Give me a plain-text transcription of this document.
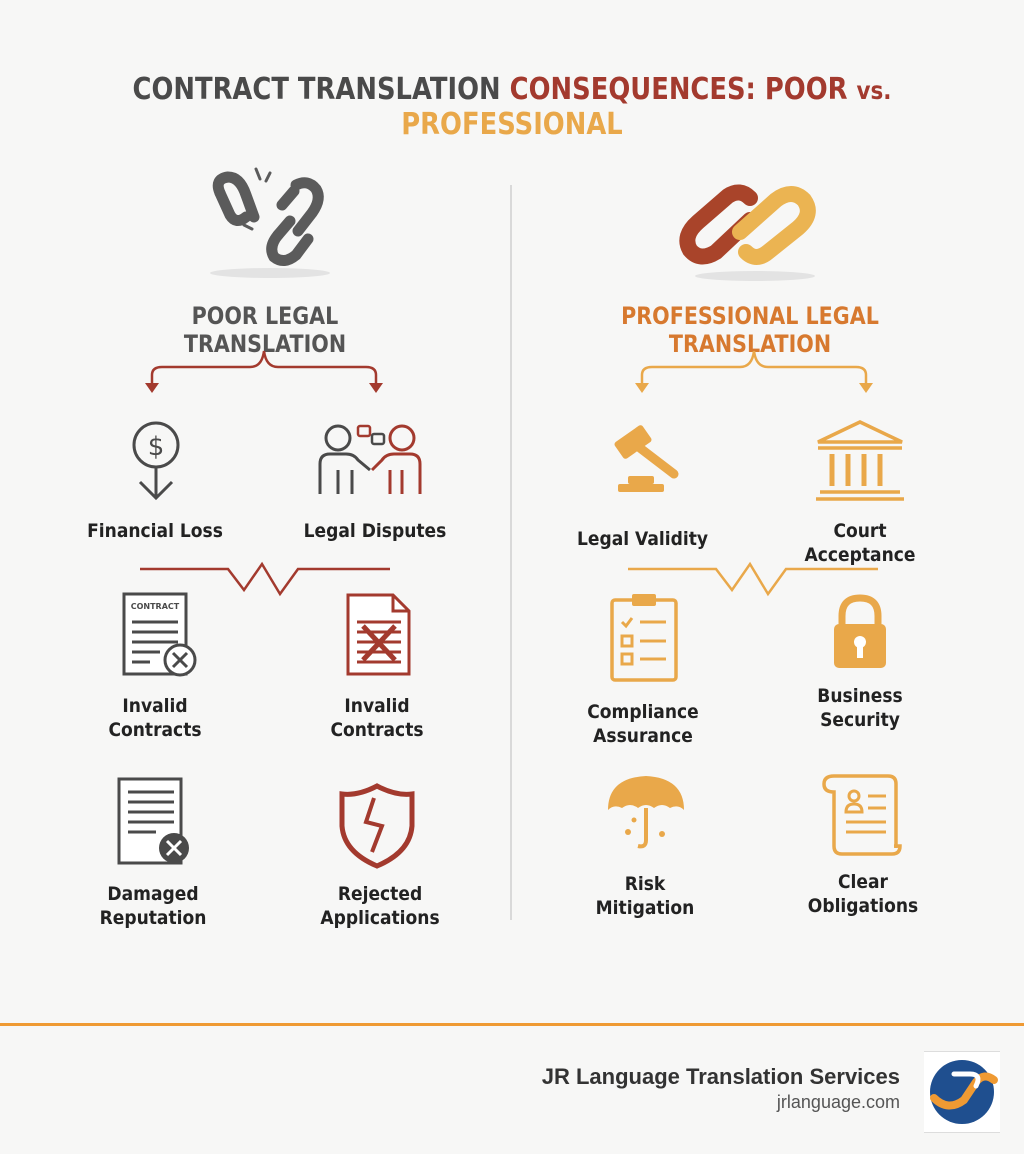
CONTRACT TRANSLATION CONSEQUENCES: POOR vs. PROFESSIONAL
POOR LEGAL TRANSLATION
$
Financial Loss	Legal Disputes
CONTRACT
Invalid
Contracts
Invalid
Contracts
Damaged
Reputation
Rejected
Applications
PROFESSIONAL LEGAL TRANSLATION
Legal Validity	Court Acceptance
Compliance
Assurance
Business
Security
Risk
Mitigation
Clear
Obligations
JR Language Translation Services
jrlanguage.com
